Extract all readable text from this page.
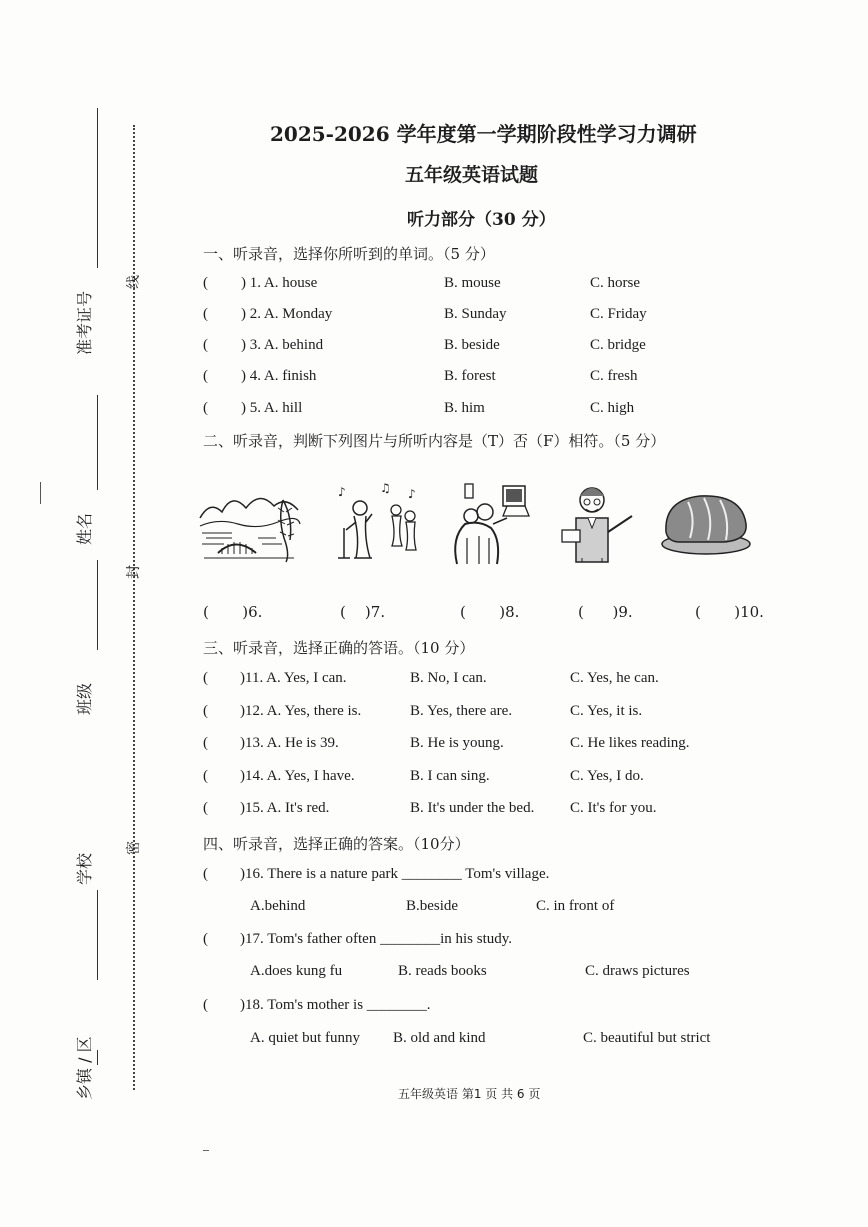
准考证号
姓名
班级
学校
乡镇 / 区
线
封
密
2025-2026 学年度第一学期阶段性学习力调研
五年级英语试题
听力部分（30 分）
一、听录音，选择你所听到的单词。（5 分）
( ) 1. A. house	B. mouse	C. horse
( ) 2. A. Monday	B. Sunday	C. Friday
( ) 3. A. behind	B. beside	C. bridge
( ) 4. A. finish	B. forest	C. fresh
( ) 5. A. hill	B. him	C. high
二、听录音，判断下列图片与所听内容是（T）否（F）相符。（5 分）
♪	♫ ♪
(       )6.	(    )7.	(       )8.	(      )9.	(       )10.
三、听录音，选择正确的答语。（10 分）
( )11. A. Yes, I can.	B. No, I can.	C. Yes, he can.
( )12. A. Yes, there is.	B. Yes, there are.	C. Yes, it is.
( )13. A. He is 39.	B. He is young.	C. He likes reading.
( )14. A. Yes, I have.	B. I can sing.	C. Yes, I do.
( )15. A. It's red.	B. It's under the bed. C. It's for you.
四、听录音，选择正确的答案。（10分）
( )16. There is a nature park ________ Tom's village.
A.behind	B.beside	C. in front of
( )17. Tom's father often ________in his study.
A.does kung fu	B. reads books	C. draws pictures
( )18. Tom's mother is ________.
A. quiet but funny B. old and kind	C. beautiful but strict
五年级英语 第1 页 共 6 页
